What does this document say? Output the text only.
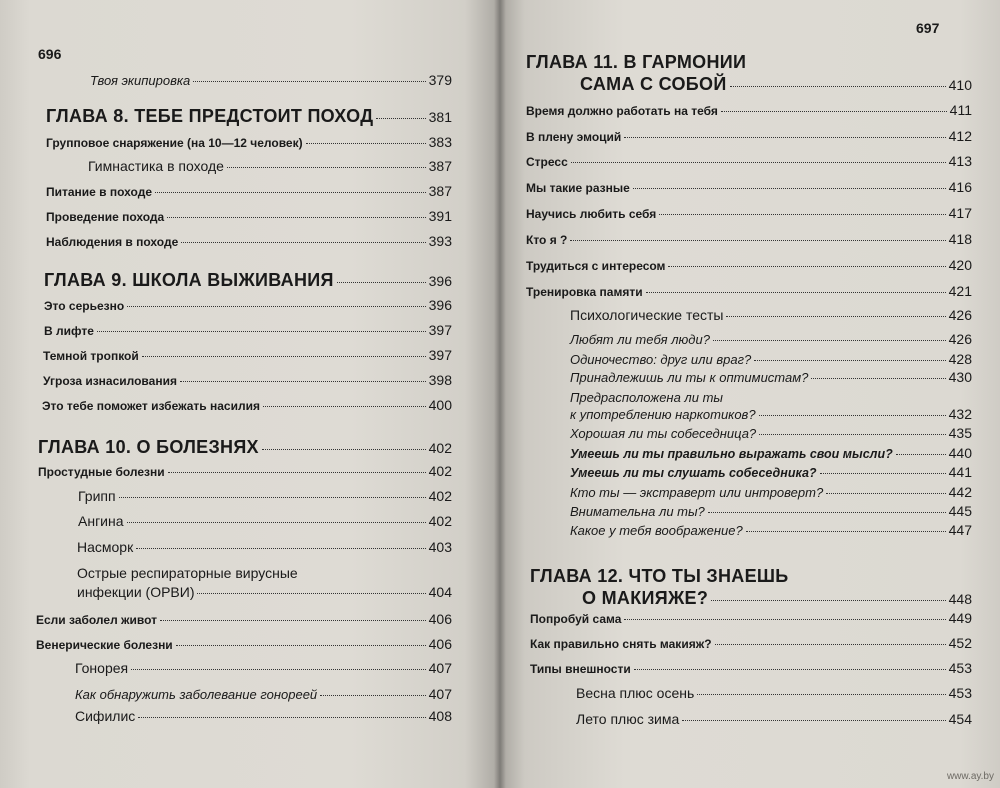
696
Твоя экипировка	379
ГЛАВА 8. ТЕБЕ ПРЕДСТОИТ ПОХОД	381
Групповое снаряжение (на 10—12 человек)	383
Гимнастика в походе	387
Питание в походе	387
Проведение похода	391
Наблюдения в походе	393
ГЛАВА 9. ШКОЛА ВЫЖИВАНИЯ	396
Это серьезно	396
В лифте	397
Темной тропкой	397
Угроза изнасилования	398
Это тебе поможет избежать насилия	400
ГЛАВА 10. О БОЛЕЗНЯХ	402
Простудные болезни	402
Грипп	402
Ангина	402
Насморк	403
Острые респираторные вирусные
инфекции (ОРВИ)	404
Если заболел живот	406
Венерические болезни	406
Гонорея	407
Как обнаружить заболевание гонореей	407
Сифилис	408
697
ГЛАВА 11. В ГАРМОНИИ
САМА С СОБОЙ	410
Время должно работать на тебя	411
В плену эмоций	412
Стресс	413
Мы такие разные	416
Научись любить себя	417
Кто я ?	418
Трудиться с интересом	420
Тренировка памяти	421
Психологические тесты	426
Любят ли тебя люди?	426
Одиночество: друг или враг?	428
Принадлежишь ли ты к оптимистам?	430
Предрасположена ли ты
к употреблению наркотиков?	432
Хорошая ли ты собеседница?	435
Умеешь ли ты правильно выражать свои мысли?	440
Умеешь ли ты слушать собеседника?	441
Кто ты — экстраверт или интроверт?	442
Внимательна ли ты?	445
Какое у тебя воображение?	447
ГЛАВА 12. ЧТО ТЫ ЗНАЕШЬ
О МАКИЯЖЕ?	448
Попробуй сама	449
Как правильно снять макияж?	452
Типы внешности	453
Весна плюс осень	453
Лето плюс зима	454
www.ay.by
